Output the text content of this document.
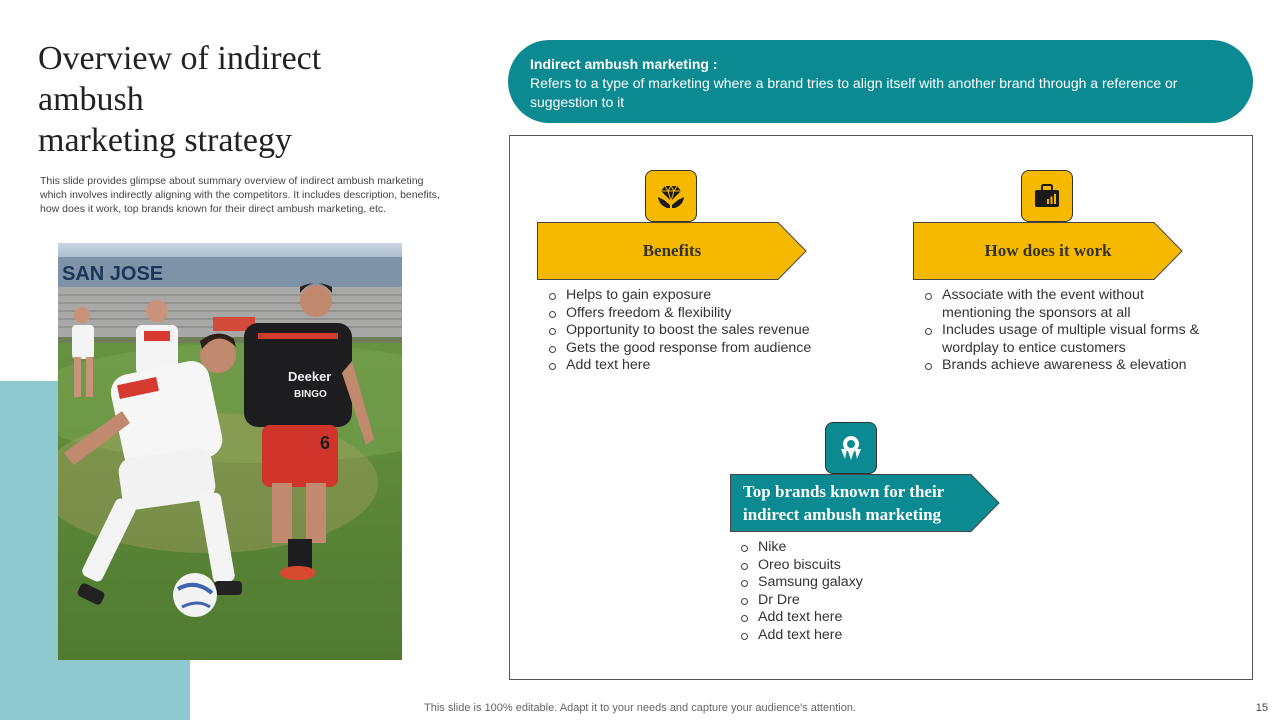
Overview of indirect
ambush
marketing strategy

This slide provides glimpse about summary overview of indirect ambush marketing which involves indirectly aligning with the competitors. It includes description, benefits, how does it work, top brands known for their direct ambush marketing, etc.

SAN JOSE
Deeker
BINGO
6
Indirect ambush marketing :
Refers to a type of marketing where a brand tries to align itself with another brand through a reference or suggestion to it
Benefits
Helps to gain exposure
Offers freedom & flexibility
Opportunity to boost the sales revenue
Gets the good response from audience
Add text here
How does it work
Associate with the event without mentioning the sponsors at all
Includes usage of multiple visual forms & wordplay to entice customers
Brands achieve awareness & elevation
Top brands known for their
indirect ambush marketing
Nike
Oreo biscuits
Samsung galaxy
Dr Dre
Add text here
Add text here
This slide is 100% editable. Adapt it to your needs and capture your audience's attention.	15
